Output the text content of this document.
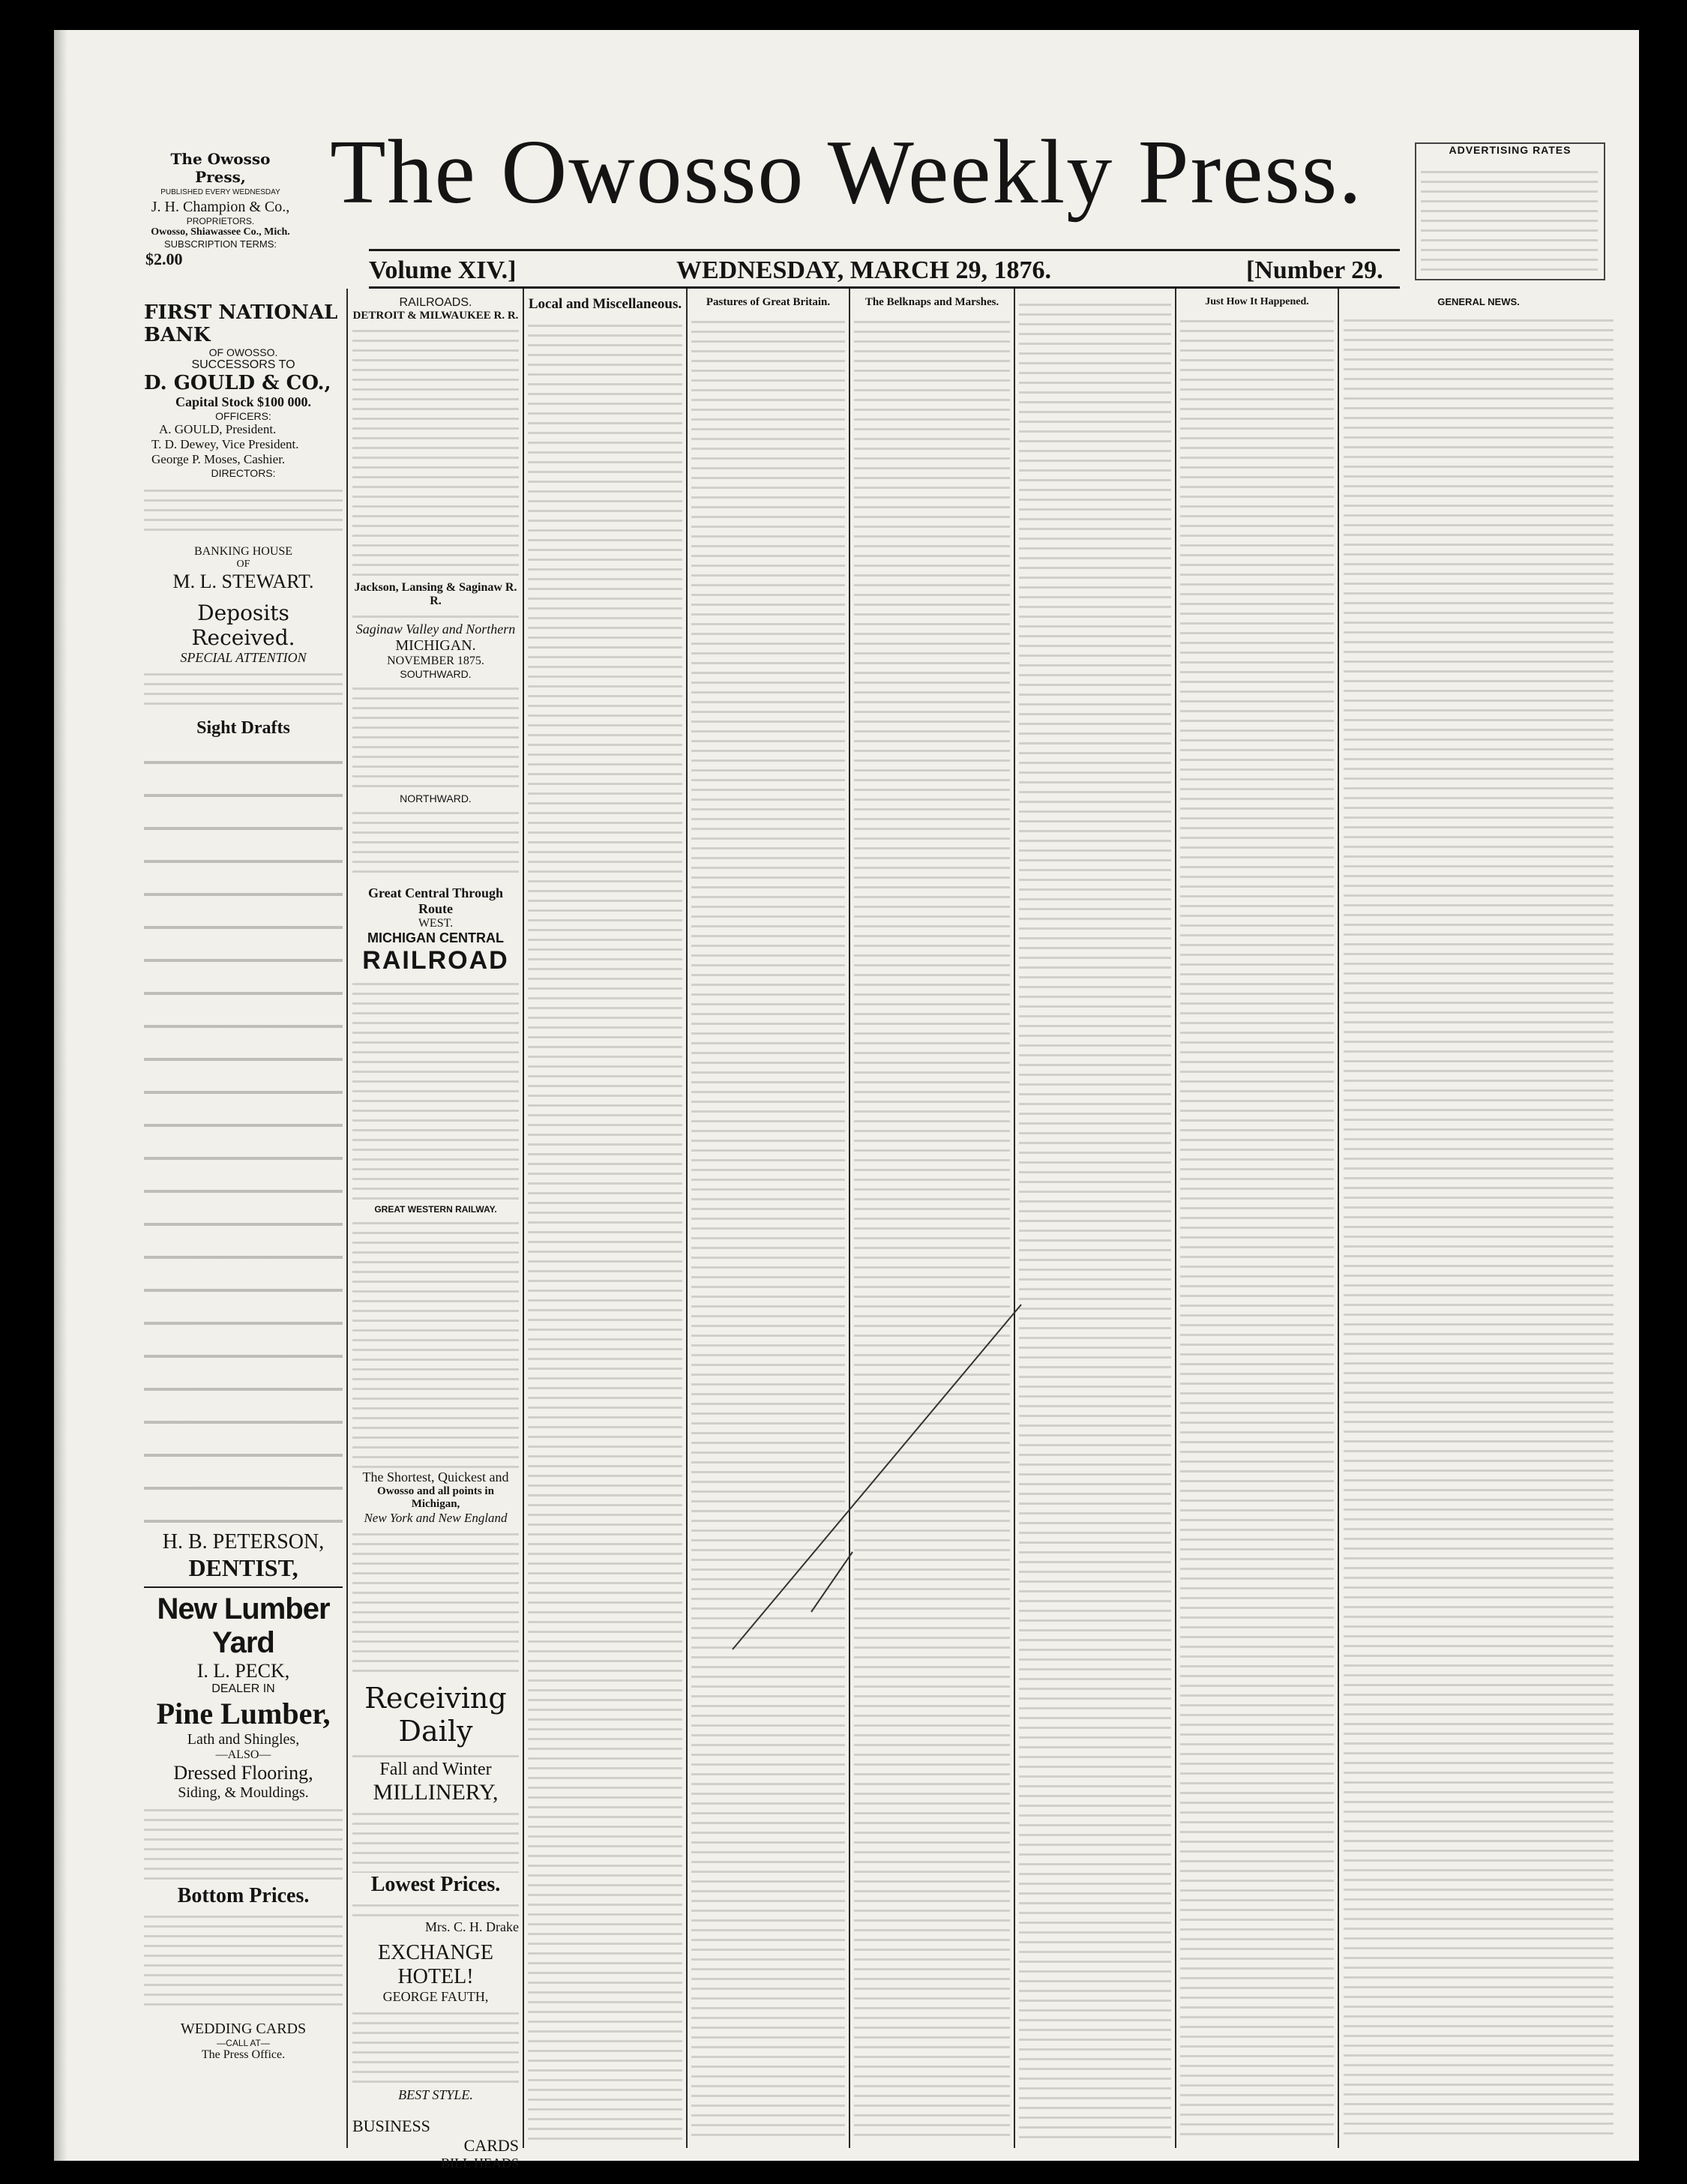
The Owosso Press,
PUBLISHED EVERY WEDNESDAY
J. H. Champion & Co.,
PROPRIETORS.
Owosso, Shiawassee Co., Mich.
SUBSCRIPTION TERMS:
$2.00
The Owosso Weekly Press.
Volume XIV.]	WEDNESDAY, MARCH 29, 1876.	[Number 29.
ADVERTISING RATES
FIRST NATIONAL BANK
OF OWOSSO.
SUCCESSORS TO
D. GOULD & CO.,
Capital Stock $100 000.
OFFICERS:
A. GOULD, President.
T. D. Dewey, Vice President.
George P. Moses, Cashier.
DIRECTORS:
BANKING HOUSE
OF
M. L. STEWART.
Deposits Received.
SPECIAL ATTENTION
Sight Drafts
H. B. PETERSON,
DENTIST,
New Lumber Yard
I. L. PECK,
DEALER IN
Pine Lumber,
Lath and Shingles,
—ALSO—
Dressed Flooring,
Siding, & Mouldings.
Bottom Prices.
WEDDING CARDS
—CALL AT—
The Press Office.
RAILROADS.
DETROIT & MILWAUKEE R. R.
Jackson, Lansing & Saginaw R. R.
Saginaw Valley and Northern
MICHIGAN.
NOVEMBER 1875.
SOUTHWARD.
NORTHWARD.
Great Central Through Route
WEST.
MICHIGAN CENTRAL
RAILROAD
GREAT WESTERN RAILWAY.
The Shortest, Quickest and
Owosso and all points in Michigan,
New York and New England
Receiving Daily
Fall and Winter
MILLINERY,
Lowest Prices.
Mrs. C. H. Drake
EXCHANGE HOTEL!
GEORGE FAUTH,
BEST STYLE.
BUSINESS
CARDS
BILL HEADS
Local and Miscellaneous.	Pastures of Great Britain.	The Belknaps and Marshes.	Just How It Happened.	GENERAL NEWS.
